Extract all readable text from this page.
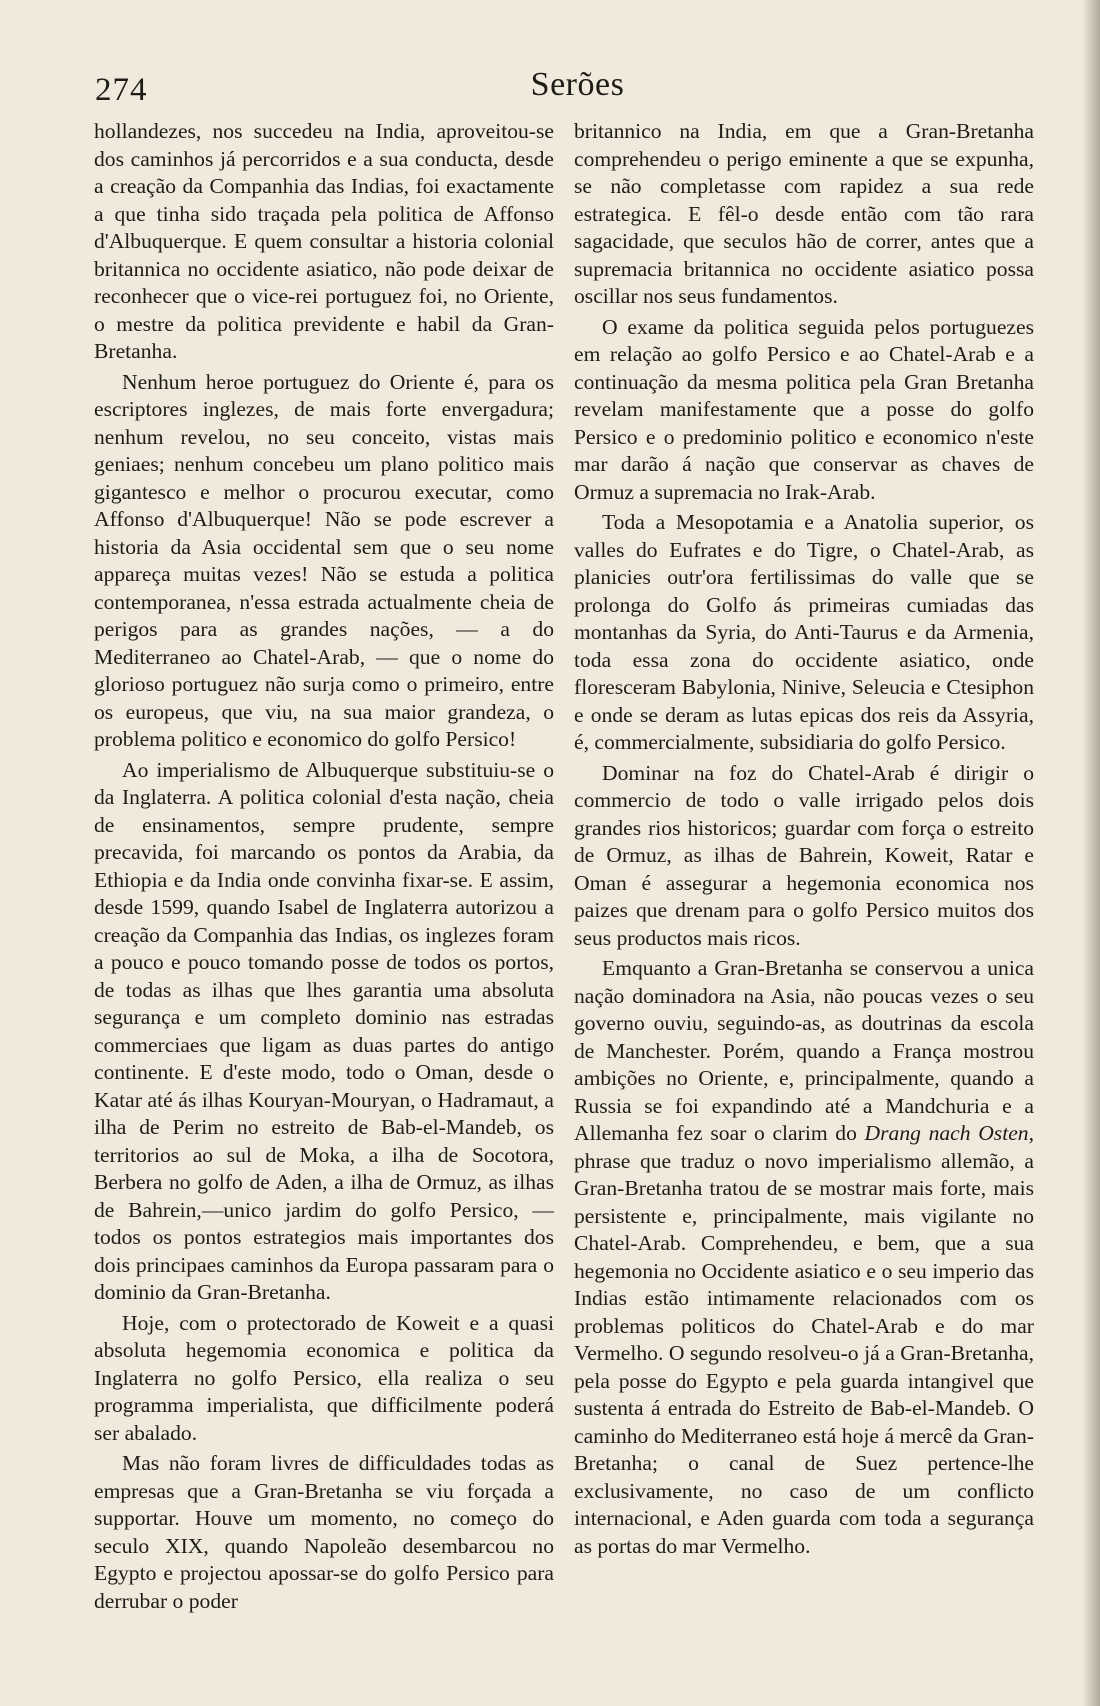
274	Serões

hollandezes, nos succedeu na India, aproveitou-se dos caminhos já percorridos e a sua conducta, desde a creação da Companhia das Indias, foi exactamente a que tinha sido traçada pela politica de Affonso d'Albuquerque. E quem consultar a historia colonial britannica no occidente asiatico, não pode deixar de reconhecer que o vice-rei portuguez foi, no Oriente, o mestre da politica previdente e habil da Gran-Bretanha.

Nenhum heroe portuguez do Oriente é, para os escriptores inglezes, de mais forte envergadura; nenhum revelou, no seu conceito, vistas mais geniaes; nenhum concebeu um plano politico mais gigantesco e melhor o procurou executar, como Affonso d'Albuquerque! Não se pode escrever a historia da Asia occidental sem que o seu nome appareça muitas vezes! Não se estuda a politica contemporanea, n'essa estrada actualmente cheia de perigos para as grandes nações, — a do Mediterraneo ao Chatel-Arab, — que o nome do glorioso portuguez não surja como o primeiro, entre os europeus, que viu, na sua maior grandeza, o problema politico e economico do golfo Persico!

Ao imperialismo de Albuquerque substituiu-se o da Inglaterra. A politica colonial d'esta nação, cheia de ensinamentos, sempre prudente, sempre precavida, foi marcando os pontos da Arabia, da Ethiopia e da India onde convinha fixar-se. E assim, desde 1599, quando Isabel de Inglaterra autorizou a creação da Companhia das Indias, os inglezes foram a pouco e pouco tomando posse de todos os portos, de todas as ilhas que lhes garantia uma absoluta segurança e um completo dominio nas estradas commerciaes que ligam as duas partes do antigo continente. E d'este modo, todo o Oman, desde o Katar até ás ilhas Kouryan-Mouryan, o Hadramaut, a ilha de Perim no estreito de Bab-el-Mandeb, os territorios ao sul de Moka, a ilha de Socotora, Berbera no golfo de Aden, a ilha de Ormuz, as ilhas de Bahrein,—unico jardim do golfo Persico, — todos os pontos estrategios mais importantes dos dois principaes caminhos da Europa passaram para o dominio da Gran-Bretanha.

Hoje, com o protectorado de Koweit e a quasi absoluta hegemomia economica e politica da Inglaterra no golfo Persico, ella realiza o seu programma imperialista, que difficilmente poderá ser abalado.

Mas não foram livres de difficuldades todas as empresas que a Gran-Bretanha se viu forçada a supportar. Houve um momento, no começo do seculo XIX, quando Napoleão desembarcou no Egypto e projectou apossar-se do golfo Persico para derrubar o poder

britannico na India, em que a Gran-Bretanha comprehendeu o perigo eminente a que se expunha, se não completasse com rapidez a sua rede estrategica. E fêl-o desde então com tão rara sagacidade, que seculos hão de correr, antes que a supremacia britannica no occidente asiatico possa oscillar nos seus fundamentos.

O exame da politica seguida pelos portuguezes em relação ao golfo Persico e ao Chatel-Arab e a continuação da mesma politica pela Gran Bretanha revelam manifestamente que a posse do golfo Persico e o predominio politico e economico n'este mar darão á nação que conservar as chaves de Ormuz a supremacia no Irak-Arab.

Toda a Mesopotamia e a Anatolia superior, os valles do Eufrates e do Tigre, o Chatel-Arab, as planicies outr'ora fertilissimas do valle que se prolonga do Golfo ás primeiras cumiadas das montanhas da Syria, do Anti-Taurus e da Armenia, toda essa zona do occidente asiatico, onde floresceram Babylonia, Ninive, Seleucia e Ctesiphon e onde se deram as lutas epicas dos reis da Assyria, é, commercialmente, subsidiaria do golfo Persico.

Dominar na foz do Chatel-Arab é dirigir o commercio de todo o valle irrigado pelos dois grandes rios historicos; guardar com força o estreito de Ormuz, as ilhas de Bahrein, Koweit, Ratar e Oman é assegurar a hegemonia economica nos paizes que drenam para o golfo Persico muitos dos seus productos mais ricos.

Emquanto a Gran-Bretanha se conservou a unica nação dominadora na Asia, não poucas vezes o seu governo ouviu, seguindo-as, as doutrinas da escola de Manchester. Porém, quando a França mostrou ambições no Oriente, e, principalmente, quando a Russia se foi expandindo até a Mandchuria e a Allemanha fez soar o clarim do Drang nach Osten, phrase que traduz o novo imperialismo allemão, a Gran-Bretanha tratou de se mostrar mais forte, mais persistente e, principalmente, mais vigilante no Chatel-Arab. Comprehendeu, e bem, que a sua hegemonia no Occidente asiatico e o seu imperio das Indias estão intimamente relacionados com os problemas politicos do Chatel-Arab e do mar Vermelho. O segundo resolveu-o já a Gran-Bretanha, pela posse do Egypto e pela guarda intangivel que sustenta á entrada do Estreito de Bab-el-Mandeb. O caminho do Mediterraneo está hoje á mercê da Gran-Bretanha; o canal de Suez pertence-lhe exclusivamente, no caso de um conflicto internacional, e Aden guarda com toda a segurança as portas do mar Vermelho.
